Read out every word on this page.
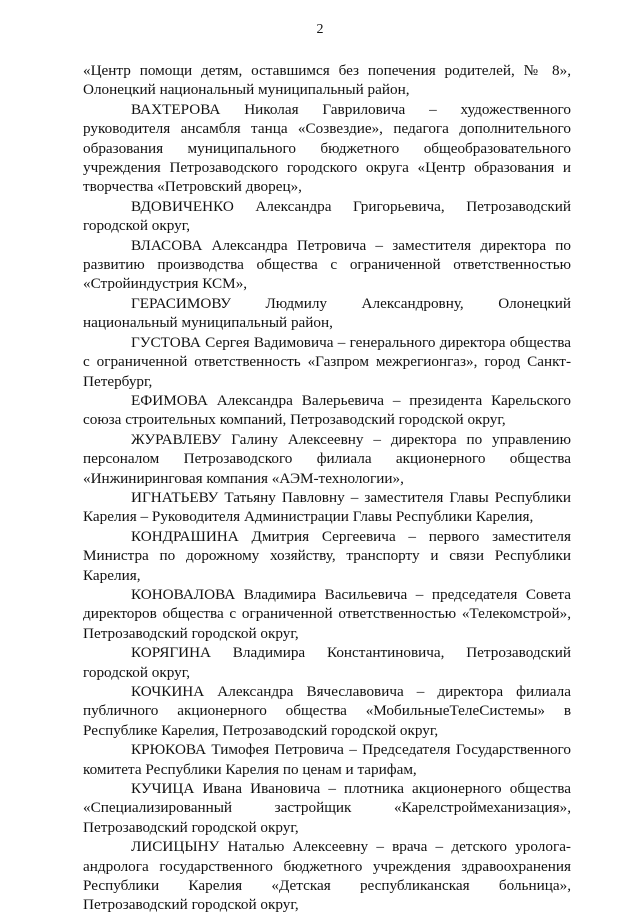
2

«Центр помощи детям, оставшимся без попечения родителей, № 8», Олонецкий национальный муниципальный район,

ВАХТЕРОВА Николая Гавриловича – художественного руководителя ансамбля танца «Созвездие», педагога дополнительного образования муниципального бюджетного общеобразовательного учреждения Петрозаводского городского округа «Центр образования и творчества «Петровский дворец»,

ВДОВИЧЕНКО Александра Григорьевича, Петрозаводский городской округ,

ВЛАСОВА Александра Петровича – заместителя директора по развитию производства общества с ограниченной ответственностью «Стройиндустрия КСМ»,

ГЕРАСИМОВУ Людмилу Александровну, Олонецкий национальный муниципальный район,

ГУСТОВА Сергея Вадимовича – генерального директора общества с ограниченной ответственность «Газпром межрегионгаз», город Санкт-Петербург,

ЕФИМОВА Александра Валерьевича – президента Карельского союза строительных компаний, Петрозаводский городской округ,

ЖУРАВЛЕВУ Галину Алексеевну – директора по управлению персоналом Петрозаводского филиала акционерного общества «Инжиниринговая компания «АЭМ-технологии»,

ИГНАТЬЕВУ Татьяну Павловну – заместителя Главы Республики Карелия – Руководителя Администрации Главы Республики Карелия,

КОНДРАШИНА Дмитрия Сергеевича – первого заместителя Министра по дорожному хозяйству, транспорту и связи Республики Карелия,

КОНОВАЛОВА Владимира Васильевича – председателя Совета директоров общества с ограниченной ответственностью «Телекомстрой», Петрозаводский городской округ,

КОРЯГИНА Владимира Константиновича, Петрозаводский городской округ,

КОЧКИНА Александра Вячеславовича – директора филиала публичного акционерного общества «МобильныеТелеСистемы» в Республике Карелия, Петрозаводский городской округ,

КРЮКОВА Тимофея Петровича – Председателя Государственного комитета Республики Карелия по ценам и тарифам,

КУЧИЦА Ивана Ивановича – плотника акционерного общества «Специализированный застройщик «Карелстроймеханизация», Петрозаводский городской округ,

ЛИСИЦЫНУ Наталью Алексеевну – врача – детского уролога-андролога государственного бюджетного учреждения здравоохранения Республики Карелия «Детская республиканская больница», Петрозаводский городской округ,
